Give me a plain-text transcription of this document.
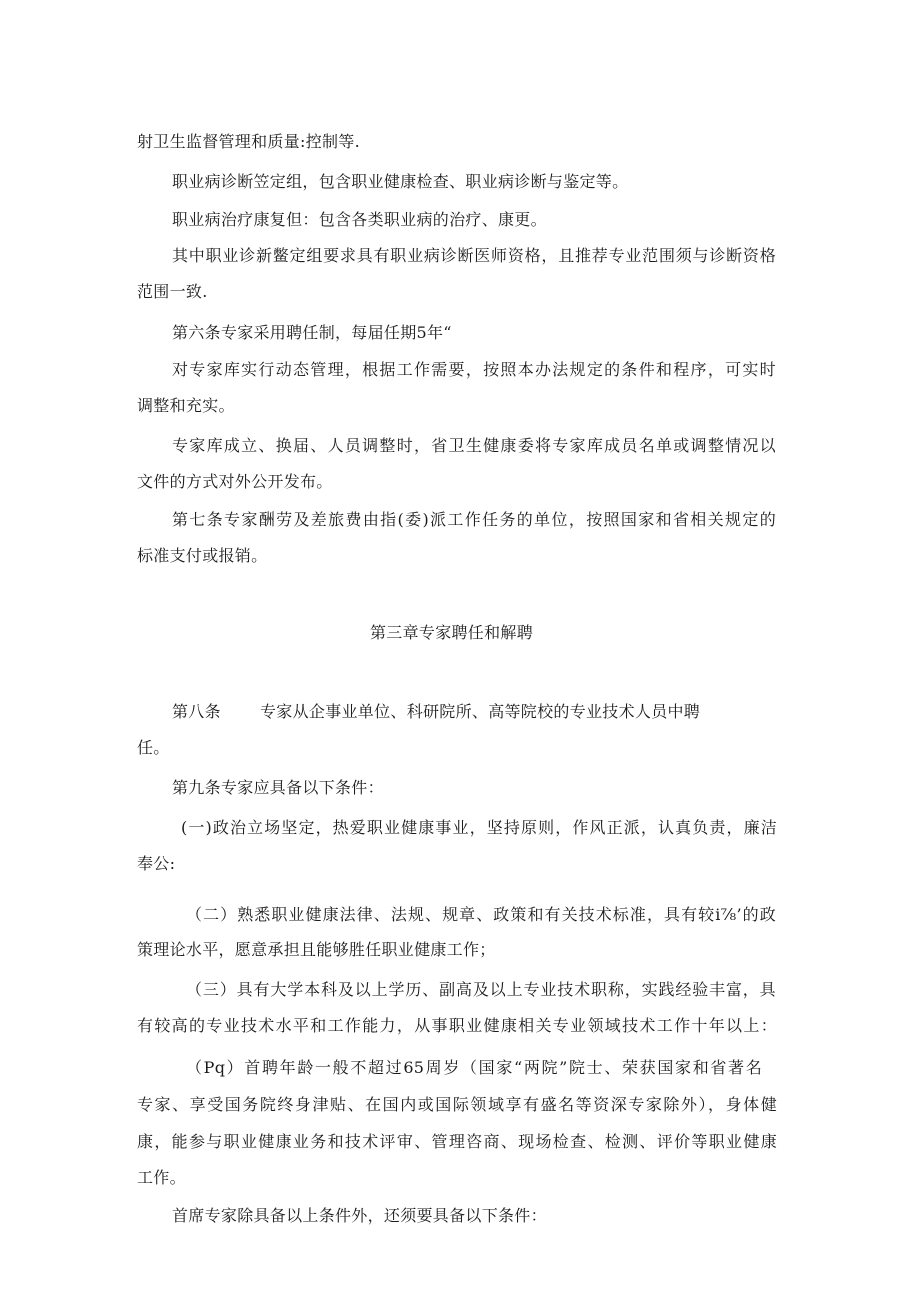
射卫生监督管理和质量:控制等.
职业病诊断笠定组，包含职业健康检查、职业病诊断与鉴定等。
职业病治疗康复但：包含各类职业病的治疗、康更。
其中职业诊新鳖定组要求具有职业病诊断医师资格，且推荐专业范围须与诊断资格
范围一致.
第六条专家采用聘任制，每届任期5年“
对专家库实行动态管理，根据工作需要，按照本办法规定的条件和程序，可实时
调整和充实。
专家库成立、换届、人员调整时，省卫生健康委将专家库成员名单或调整情况以
文件的方式对外公开发布。
第七条专家酬劳及差旅费由指(委)派工作任务的单位，按照国家和省相关规定的
标准支付或报销。
第三章专家聘任和解聘
第八条 专家从企事业单位、科研院所、高等院校的专业技术人员中聘
任。
第九条专家应具备以下条件：
(一)政治立场坚定，热爱职业健康事业，坚持原则，作风正派，认真负责，廉洁
奉公:
（二）熟悉职业健康法律、法规、规章、政策和有关技术标准，具有较i⅞’的政
策理论水平，愿意承担且能够胜任职业健康工作；
（三）具有大学本科及以上学历、副高及以上专业技术职称，实践经验丰富，具
有较高的专业技术水平和工作能力，从事职业健康相关专业领域技术工作十年以上：
（Pq）首聘年龄一般不超过65周岁（国家“两院”院士、荣获国家和省著名
专家、享受国务院终身津贴、在国内或国际领域享有盛名等资深专家除外），身体健
康，能参与职业健康业务和技术评审、管理咨商、现场检查、检测、评价等职业健康
工作。
首席专家除具备以上条件外，还须要具备以下条件：
